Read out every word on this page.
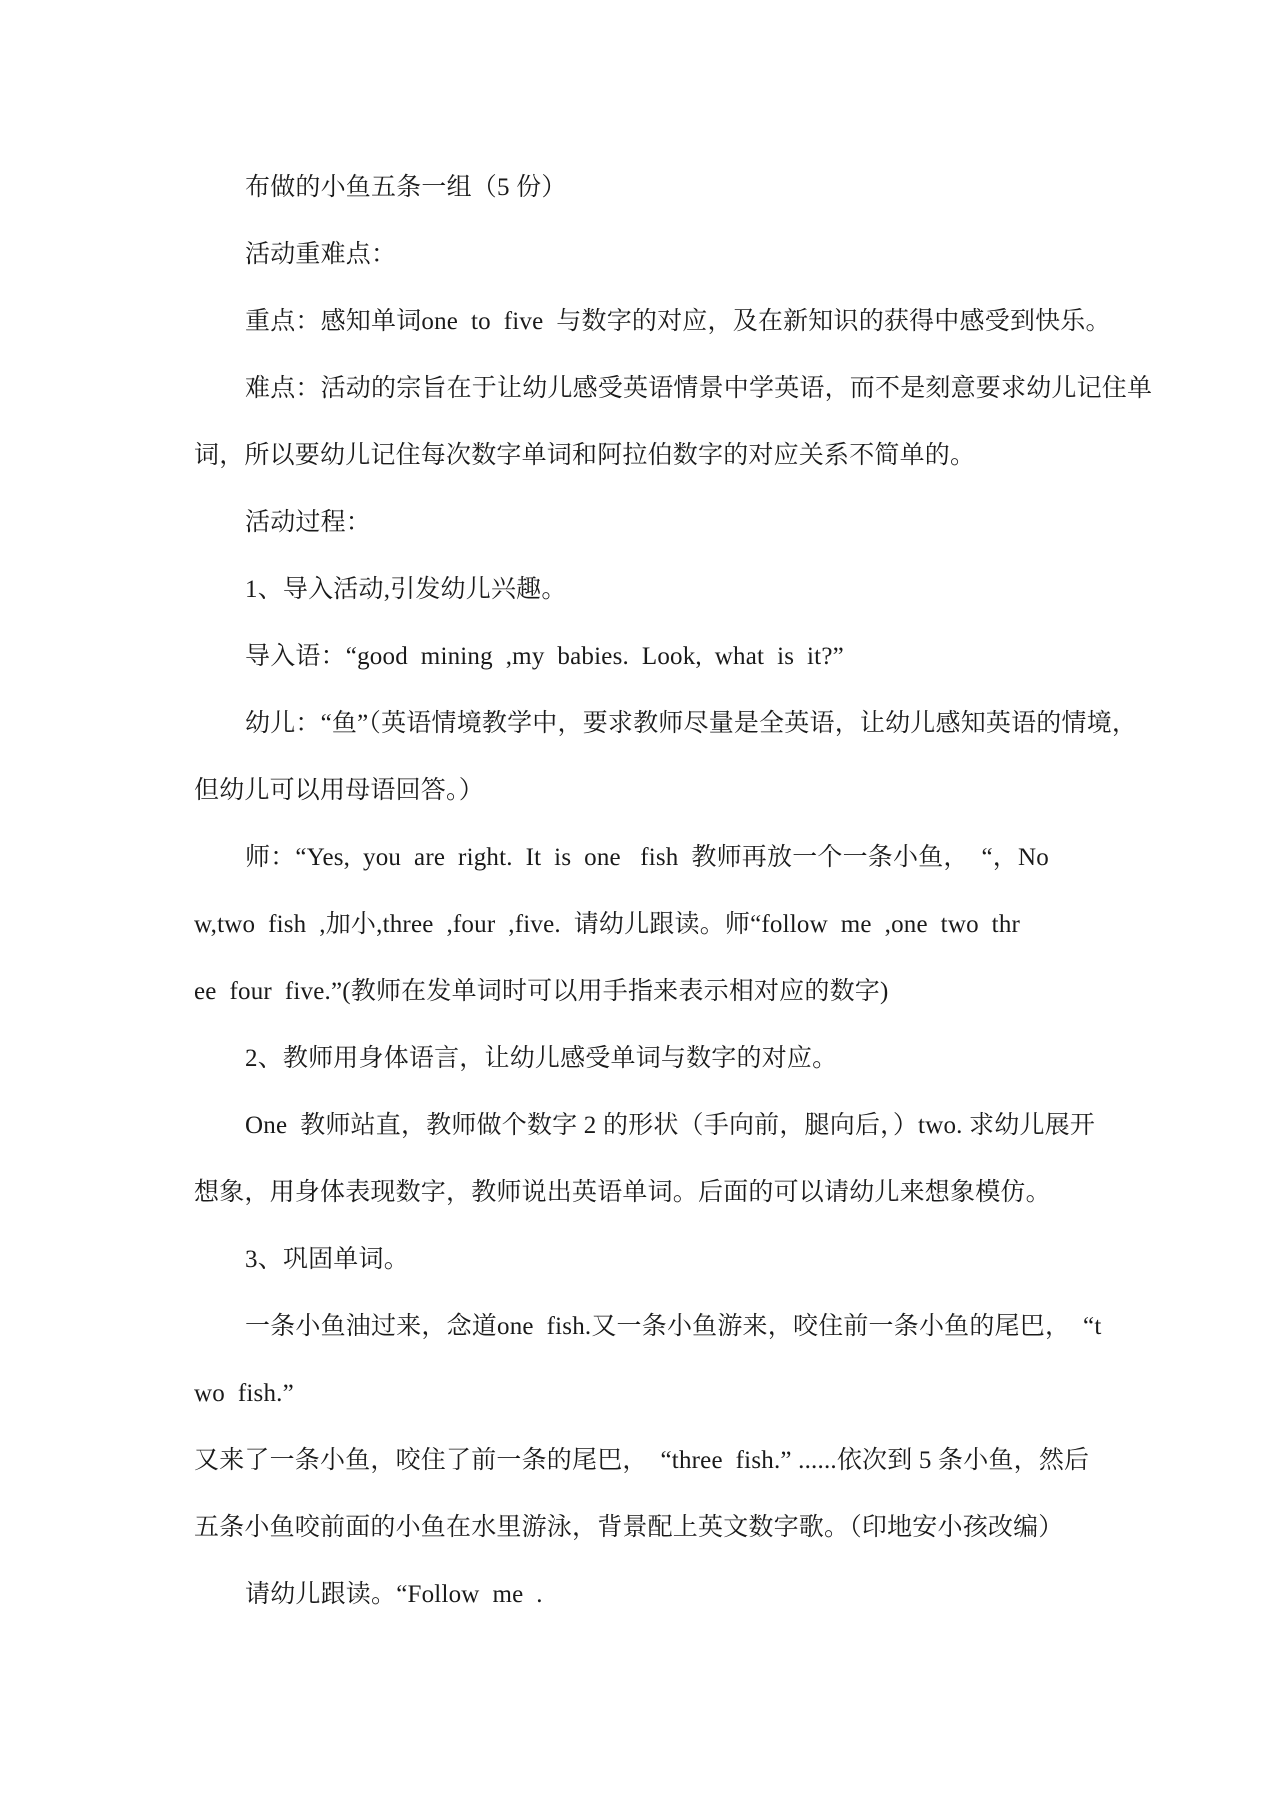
布做的小鱼五条一组（5 份）
活动重难点：
重点：感知单词one  to  five  与数字的对应，及在新知识的获得中感受到快乐。
难点：活动的宗旨在于让幼儿感受英语情景中学英语，而不是刻意要求幼儿记住单
词，所以要幼儿记住每次数字单词和阿拉伯数字的对应关系不简单的。
活动过程：
1、导入活动,引发幼儿兴趣。
导入语：“good  mining  ,my  babies.  Look,  what  is  it?”
幼儿：“鱼”（英语情境教学中，要求教师尽量是全英语，让幼儿感知英语的情境，
但幼儿可以用母语回答。）
师：“Yes,  you  are  right.  It  is  one   fish  教师再放一个一条小鱼，  “，No
w,two  fish  ,加小,three  ,four  ,five.  请幼儿跟读。师“follow  me  ,one  two  thr
ee  four  five.”(教师在发单词时可以用手指来表示相对应的数字)
2、教师用身体语言，让幼儿感受单词与数字的对应。
One  教师站直，教师做个数字 2 的形状（手向前，腿向后，）two. 求幼儿展开
想象，用身体表现数字，教师说出英语单词。后面的可以请幼儿来想象模仿。
3、巩固单词。
一条小鱼油过来，念道one  fish.又一条小鱼游来，咬住前一条小鱼的尾巴，  “t
wo  fish.”
又来了一条小鱼，咬住了前一条的尾巴，  “three  fish.” ......依次到 5 条小鱼，然后
五条小鱼咬前面的小鱼在水里游泳，背景配上英文数字歌。（印地安小孩改编）
请幼儿跟读。“Follow  me  .
